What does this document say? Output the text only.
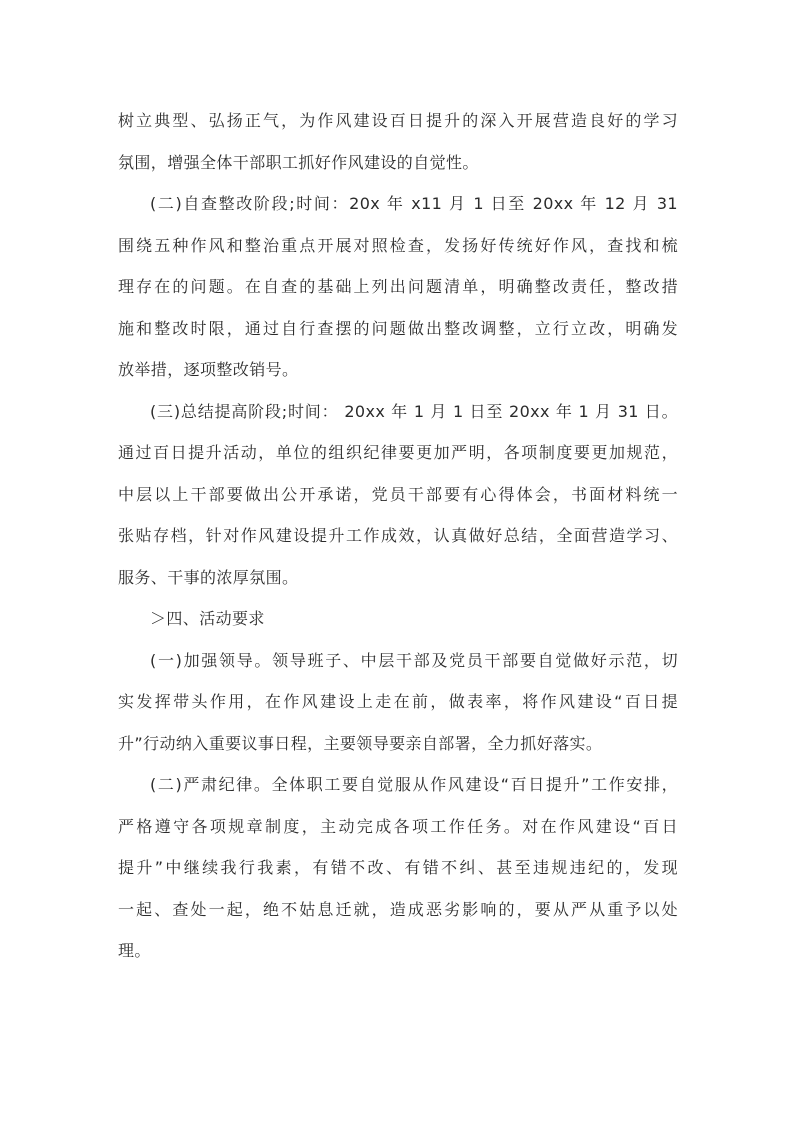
树立典型、弘扬正气，为作风建设百日提升的深入开展营造良好的学习
氛围，增强全体干部职工抓好作风建设的自觉性。
(二)自查整改阶段;时间：20x 年 x11 月 1 日至 20xx 年 12 月 31
围绕五种作风和整治重点开展对照检查，发扬好传统好作风，查找和梳
理存在的问题。在自查的基础上列出问题清单，明确整改责任，整改措
施和整改时限，通过自行查摆的问题做出整改调整，立行立改，明确发
放举措，逐项整改销号。
(三)总结提高阶段;时间： 20xx 年 1 月 1 日至 20xx 年 1 月 31 日。
通过百日提升活动，单位的组织纪律要更加严明，各项制度要更加规范，
中层以上干部要做出公开承诺，党员干部要有心得体会，书面材料统一
张贴存档，针对作风建设提升工作成效，认真做好总结，全面营造学习、
服务、干事的浓厚氛围。
＞四、活动要求
(一)加强领导。领导班子、中层干部及党员干部要自觉做好示范，切
实发挥带头作用，在作风建设上走在前，做表率，将作风建设“百日提
升”行动纳入重要议事日程，主要领导要亲自部署，全力抓好落实。
(二)严肃纪律。全体职工要自觉服从作风建设“百日提升”工作安排，
严格遵守各项规章制度，主动完成各项工作任务。对在作风建设“百日
提升”中继续我行我素，有错不改、有错不纠、甚至违规违纪的，发现
一起、查处一起，绝不姑息迁就，造成恶劣影响的，要从严从重予以处
理。
